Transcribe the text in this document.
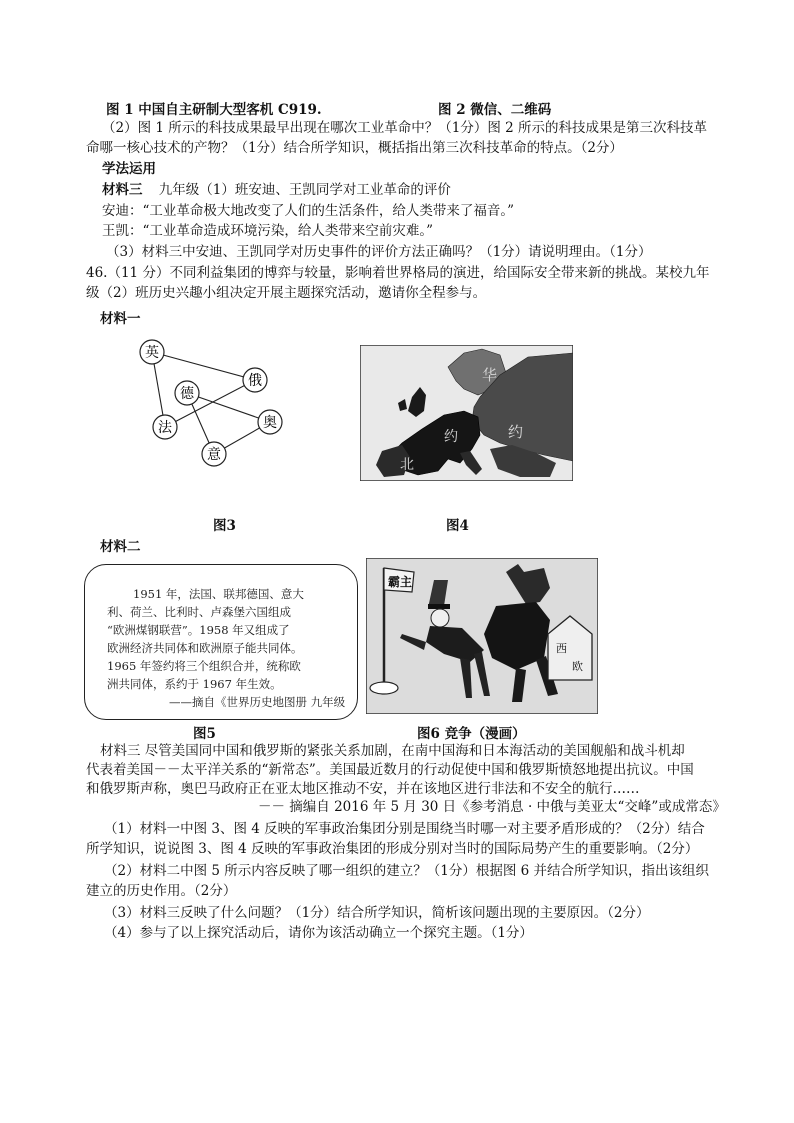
图 1 中国自主研制大型客机 C919.	图 2 微信、二维码
（2）图 1 所示的科技成果最早出现在哪次工业革命中？（1分）图 2 所示的科技成果是第三次科技革
命哪一核心技术的产物？（1分）结合所学知识，概括指出第三次科技革命的特点。（2分）
学法运用
材料三 九年级（1）班安迪、王凯同学对工业革命的评价
安迪：“工业革命极大地改变了人们的生活条件，给人类带来了福音。”
王凯：“工业革命造成环境污染，给人类带来空前灾难。”
（3）材料三中安迪、王凯同学对历史事件的评价方法正确吗？（1分）请说明理由。（1分）
46.（11 分）不同利益集团的博弈与较量，影响着世界格局的演进，给国际安全带来新的挑战。某校九年
级（2）班历史兴趣小组决定开展主题探究活动，邀请你全程参与。
材料一
英
俄
德
奥
法
意
华
约
约
北
图3	图4
材料二
1951 年，法国、联邦德国、意大
利、荷兰、比利时、卢森堡六国组成
“欧洲煤钢联营”。1958 年又组成了
欧洲经济共同体和欧洲原子能共同体。
1965 年签约将三个组织合并，统称欧
洲共同体，系约于 1967 年生效。
——摘自《世界历史地图册 九年级
霸主
西
欧
图5	图6 竞争（漫画）
材料三 尽管美国同中国和俄罗斯的紧张关系加剧，在南中国海和日本海活动的美国舰船和战斗机却
代表着美国－－太平洋关系的“新常态”。美国最近数月的行动促使中国和俄罗斯愤怒地提出抗议。中国
和俄罗斯声称，奥巴马政府正在亚太地区推动不安，并在该地区进行非法和不安全的航行……
－－ 摘编自 2016 年 5 月 30 日《参考消息 · 中俄与美亚太“交峰”或成常态》
（1）材料一中图 3、图 4 反映的军事政治集团分别是围绕当时哪一对主要矛盾形成的？（2分）结合
所学知识，说说图 3、图 4 反映的军事政治集团的形成分别对当时的国际局势产生的重要影响。（2分）
（2）材料二中图 5 所示内容反映了哪一组织的建立？（1分）根据图 6 并结合所学知识，指出该组织
建立的历史作用。（2分）
（3）材料三反映了什么问题？（1分）结合所学知识，简析该问题出现的主要原因。（2分）
（4）参与了以上探究活动后，请你为该活动确立一个探究主题。（1分）
